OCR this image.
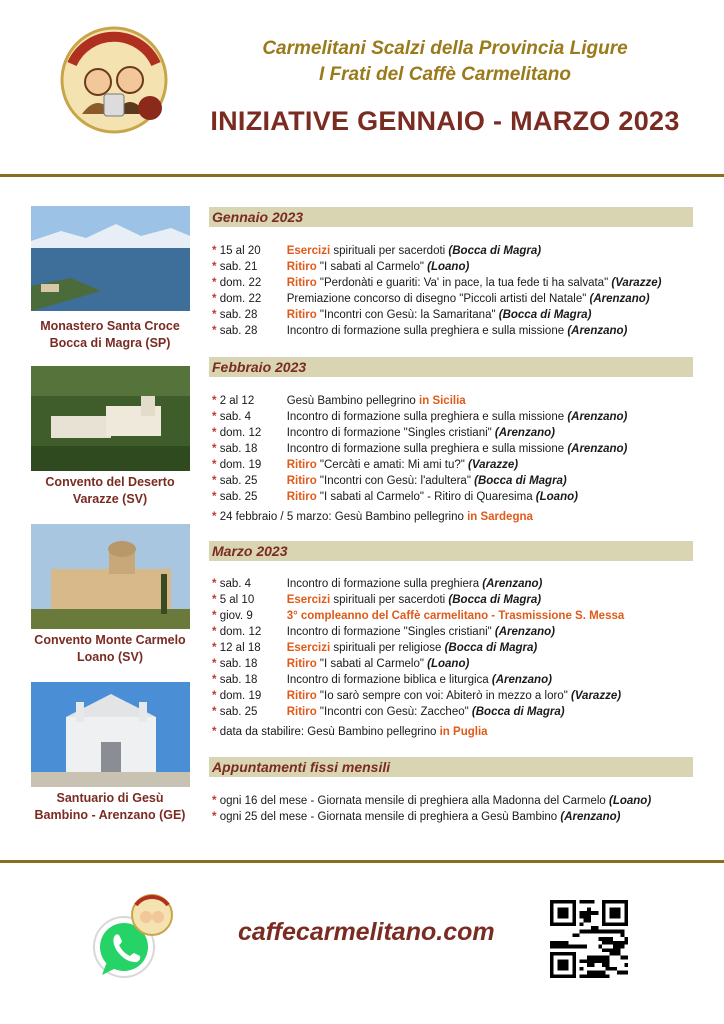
Carmelitani Scalzi della Provincia Ligure
I Frati del Caffè Carmelitano
INIZIATIVE GENNAIO - MARZO 2023
Monastero Santa Croce
Bocca di Magra (SP)
Convento del Deserto
Varazze (SV)
Convento Monte Carmelo
Loano (SV)
Santuario di Gesù
Bambino - Arenzano (GE)
Gennaio 2023
* 15 al 20 Esercizi spirituali per sacerdoti (Bocca di Magra)
* sab. 21	Ritiro "I sabati al Carmelo" (Loano)
* dom. 22 Ritiro "Perdonàti e guariti: Va' in pace, la tua fede ti ha salvata" (Varazze)
* dom. 22 Premiazione concorso di disegno "Piccoli artisti del Natale" (Arenzano)
* sab. 28	Ritiro "Incontri con Gesù: la Samaritana" (Bocca di Magra)
* sab. 28	Incontro di formazione sulla preghiera e sulla missione (Arenzano)
Febbraio 2023
* 2 al 12	Gesù Bambino pellegrino in Sicilia
* sab. 4	Incontro di formazione sulla preghiera e sulla missione (Arenzano)
* dom. 12 Incontro di formazione "Singles cristiani" (Arenzano)
* sab. 18	Incontro di formazione sulla preghiera e sulla missione (Arenzano)
* dom. 19 Ritiro "Cercàti e amati: Mi ami tu?" (Varazze)
* sab. 25	Ritiro "Incontri con Gesù: l'adultera" (Bocca di Magra)
* sab. 25	Ritiro "I sabati al Carmelo" - Ritiro di Quaresima (Loano)
* 24 febbraio / 5 marzo: Gesù Bambino pellegrino in Sardegna
Marzo 2023
* sab. 4	Incontro di formazione sulla preghiera (Arenzano)
* 5 al 10	Esercizi spirituali per sacerdoti (Bocca di Magra)
* giov. 9	3° compleanno del Caffè carmelitano - Trasmissione S. Messa
* dom. 12 Incontro di formazione "Singles cristiani" (Arenzano)
* 12 al 18 Esercizi spirituali per religiose (Bocca di Magra)
* sab. 18	Ritiro "I sabati al Carmelo" (Loano)
* sab. 18	Incontro di formazione biblica e liturgica (Arenzano)
* dom. 19 Ritiro "Io sarò sempre con voi: Abiterò in mezzo a loro" (Varazze)
* sab. 25	Ritiro "Incontri con Gesù: Zaccheo" (Bocca di Magra)
* data da stabilire: Gesù Bambino pellegrino in Puglia
Appuntamenti fissi mensili
* ogni 16 del mese - Giornata mensile di preghiera alla Madonna del Carmelo (Loano)
* ogni 25 del mese - Giornata mensile di preghiera a Gesù Bambino (Arenzano)
caffecarmelitano.com
